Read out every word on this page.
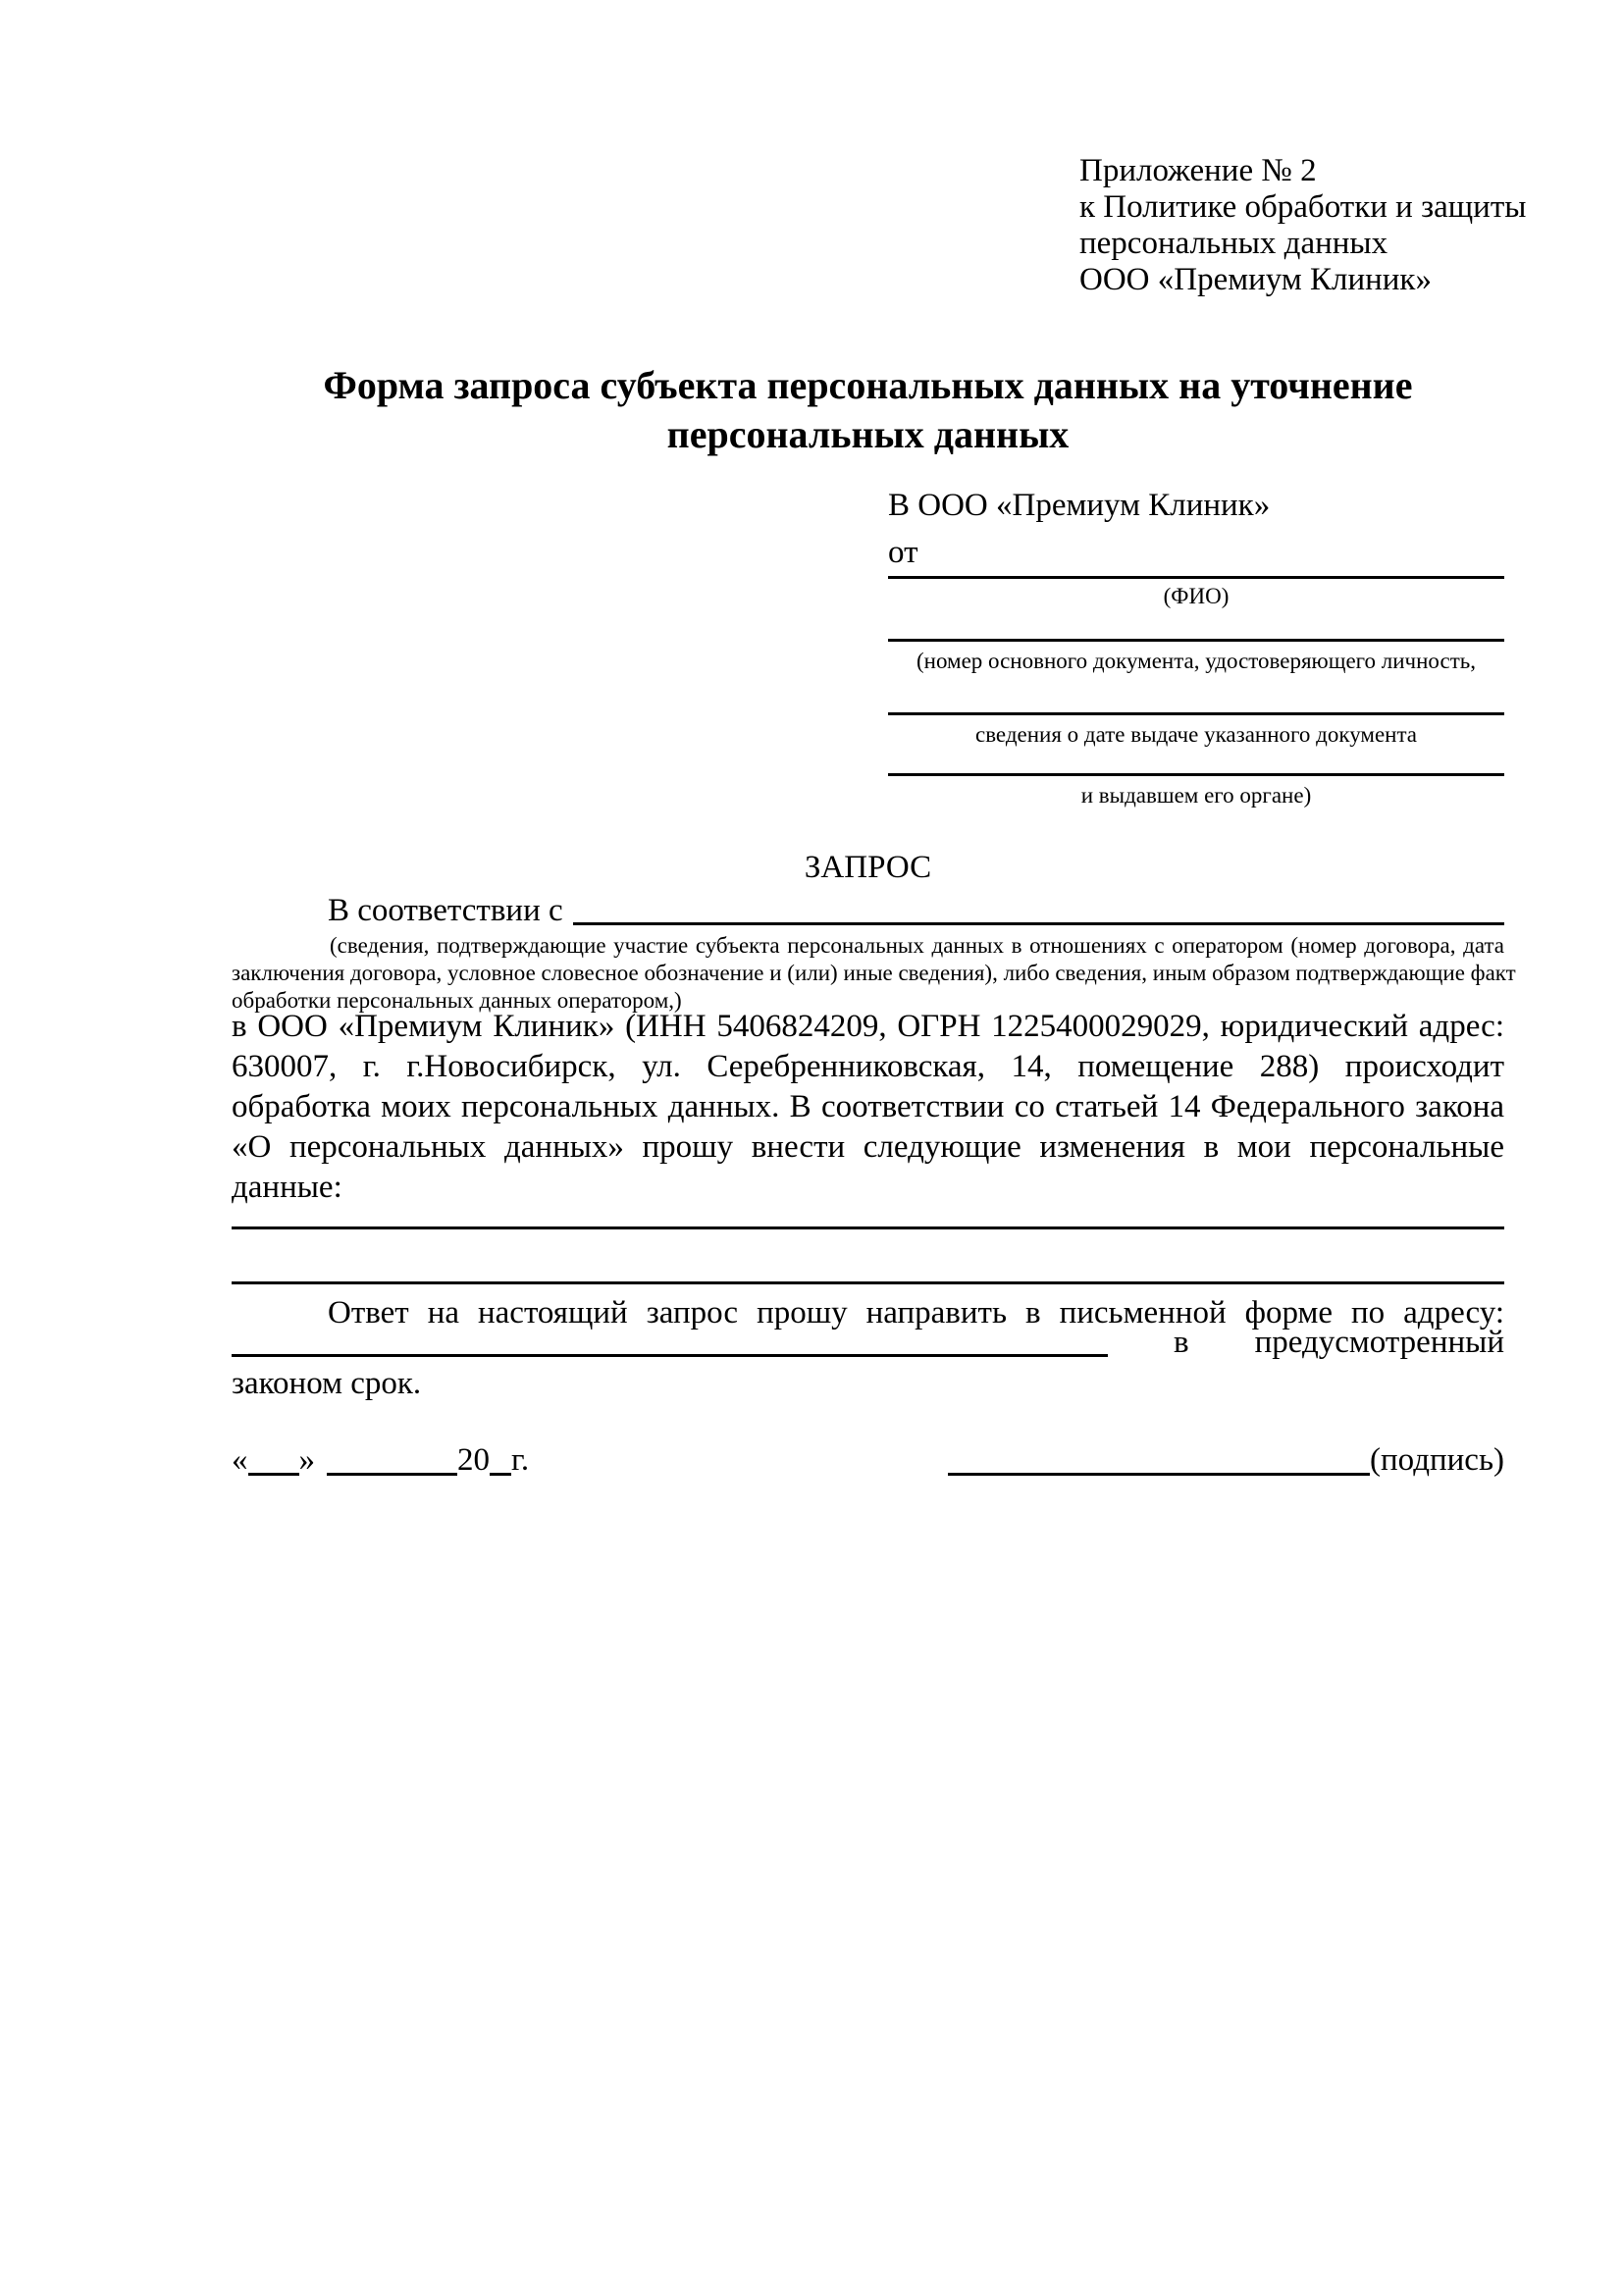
Приложение № 2
к Политике обработки и защиты
персональных данных
ООО «Премиум Клиник»
Форма запроса субъекта персональных данных на уточнение
персональных данных
В ООО «Премиум Клиник»
от
(ФИО)
(номер основного документа, удостоверяющего личность,
сведения о дате выдаче указанного документа
и выдавшем его органе)
ЗАПРОС
В соответствии с
(сведения, подтверждающие участие субъекта персональных данных в отношениях с оператором (номер договора, дата
заключения договора, условное словесное обозначение и (или) иные сведения), либо сведения, иным образом подтверждающие факт
обработки персональных данных оператором,)
в ООО «Премиум Клиник» (ИНН 5406824209, ОГРН 1225400029029, юридический адрес:
630007, г. г.Новосибирск, ул. Серебренниковская, 14, помещение 288) происходит
обработка моих персональных данных. В соответствии со статьей 14 Федерального закона
«О персональных данных» прошу внести следующие изменения в мои персональные
данные:
Ответ на настоящий запрос прошу направить в письменной форме по адресу:
в предусмотренный
законом срок.
« »	20 г.	(подпись)
